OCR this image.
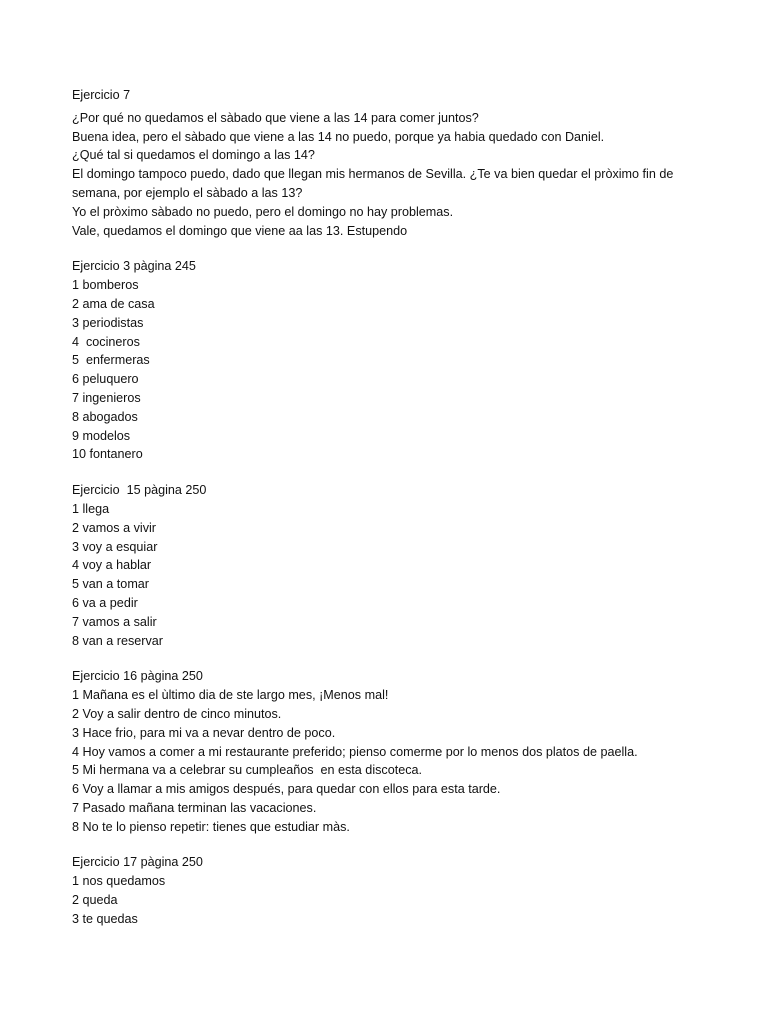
Ejercicio 7
¿Por qué no quedamos el sàbado que viene a las 14 para comer juntos?
Buena idea, pero el sàbado que viene a las 14 no puedo, porque ya habia quedado con Daniel.
¿Qué tal si quedamos el domingo a las 14?
El domingo tampoco puedo, dado que llegan mis hermanos de Sevilla. ¿Te va bien quedar el pròximo fin de
semana, por ejemplo el sàbado a las 13?
Yo el pròximo sàbado no puedo, pero el domingo no hay problemas.
Vale, quedamos el domingo que viene aa las 13. Estupendo
Ejercicio 3 pàgina 245
1 bomberos
2 ama de casa
3 periodistas
4  cocineros
5  enfermeras
6 peluquero
7 ingenieros
8 abogados
9 modelos
10 fontanero
Ejercicio  15 pàgina 250
1 llega
2 vamos a vivir
3 voy a esquiar
4 voy a hablar
5 van a tomar
6 va a pedir
7 vamos a salir
8 van a reservar
Ejercicio 16 pàgina 250
1 Mañana es el ùltimo dia de ste largo mes, ¡Menos mal!
2 Voy a salir dentro de cinco minutos.
3 Hace frio, para mi va a nevar dentro de poco.
4 Hoy vamos a comer a mi restaurante preferido; pienso comerme por lo menos dos platos de paella.
5 Mi hermana va a celebrar su cumpleaños  en esta discoteca.
6 Voy a llamar a mis amigos después, para quedar con ellos para esta tarde.
7 Pasado mañana terminan las vacaciones.
8 No te lo pienso repetir: tienes que estudiar màs.
Ejercicio 17 pàgina 250
1 nos quedamos
2 queda
3 te quedas
